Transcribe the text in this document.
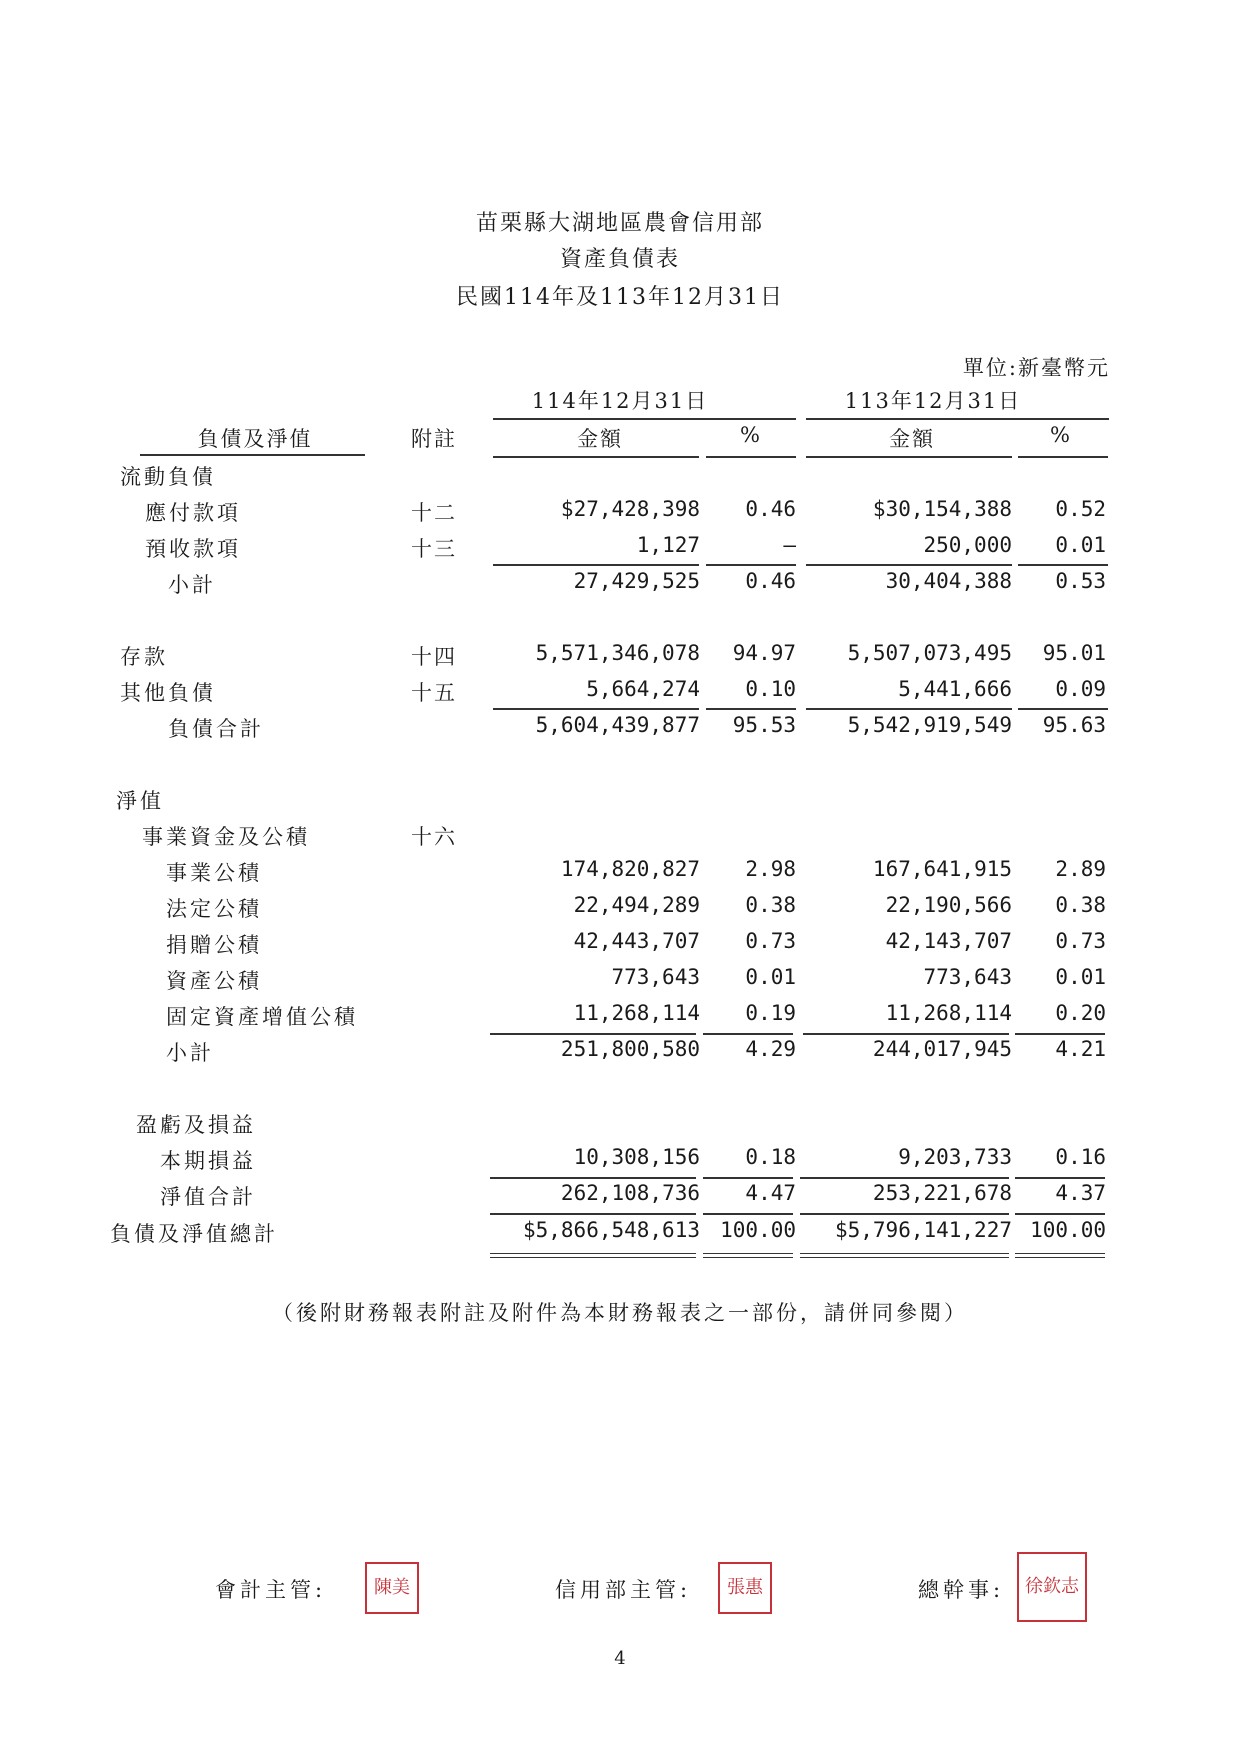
苗栗縣大湖地區農會信用部
資產負債表
民國114年及113年12月31日
單位:新臺幣元
114年12月31日	113年12月31日
負債及淨值	附註	金額	%	金額	%
流動負債
應付款項	十二	$27,428,398	0.46	$30,154,388	0.52
預收款項	十三	1,127	—	250,000	0.01
小計	27,429,525	0.46	30,404,388	0.53
存款	十四	5,571,346,078	94.97	5,507,073,495	95.01
其他負債	十五	5,664,274	0.10	5,441,666	0.09
負債合計	5,604,439,877	95.53	5,542,919,549	95.63
淨值
事業資金及公積	十六
事業公積	174,820,827	2.98	167,641,915	2.89
法定公積	22,494,289	0.38	22,190,566	0.38
捐贈公積	42,443,707	0.73	42,143,707	0.73
資產公積	773,643	0.01	773,643	0.01
固定資產增值公積	11,268,114	0.19	11,268,114	0.20
小計	251,800,580	4.29	244,017,945	4.21
盈虧及損益
本期損益	10,308,156	0.18	9,203,733	0.16
淨值合計	262,108,736	4.47	253,221,678	4.37
負債及淨值總計	$5,866,548,613 100.00	$5,796,141,227 100.00
（後附財務報表附註及附件為本財務報表之一部份，請併同參閱）
會計主管:	陳美	信用部主管:	張惠	總幹事: 徐欽志
4
